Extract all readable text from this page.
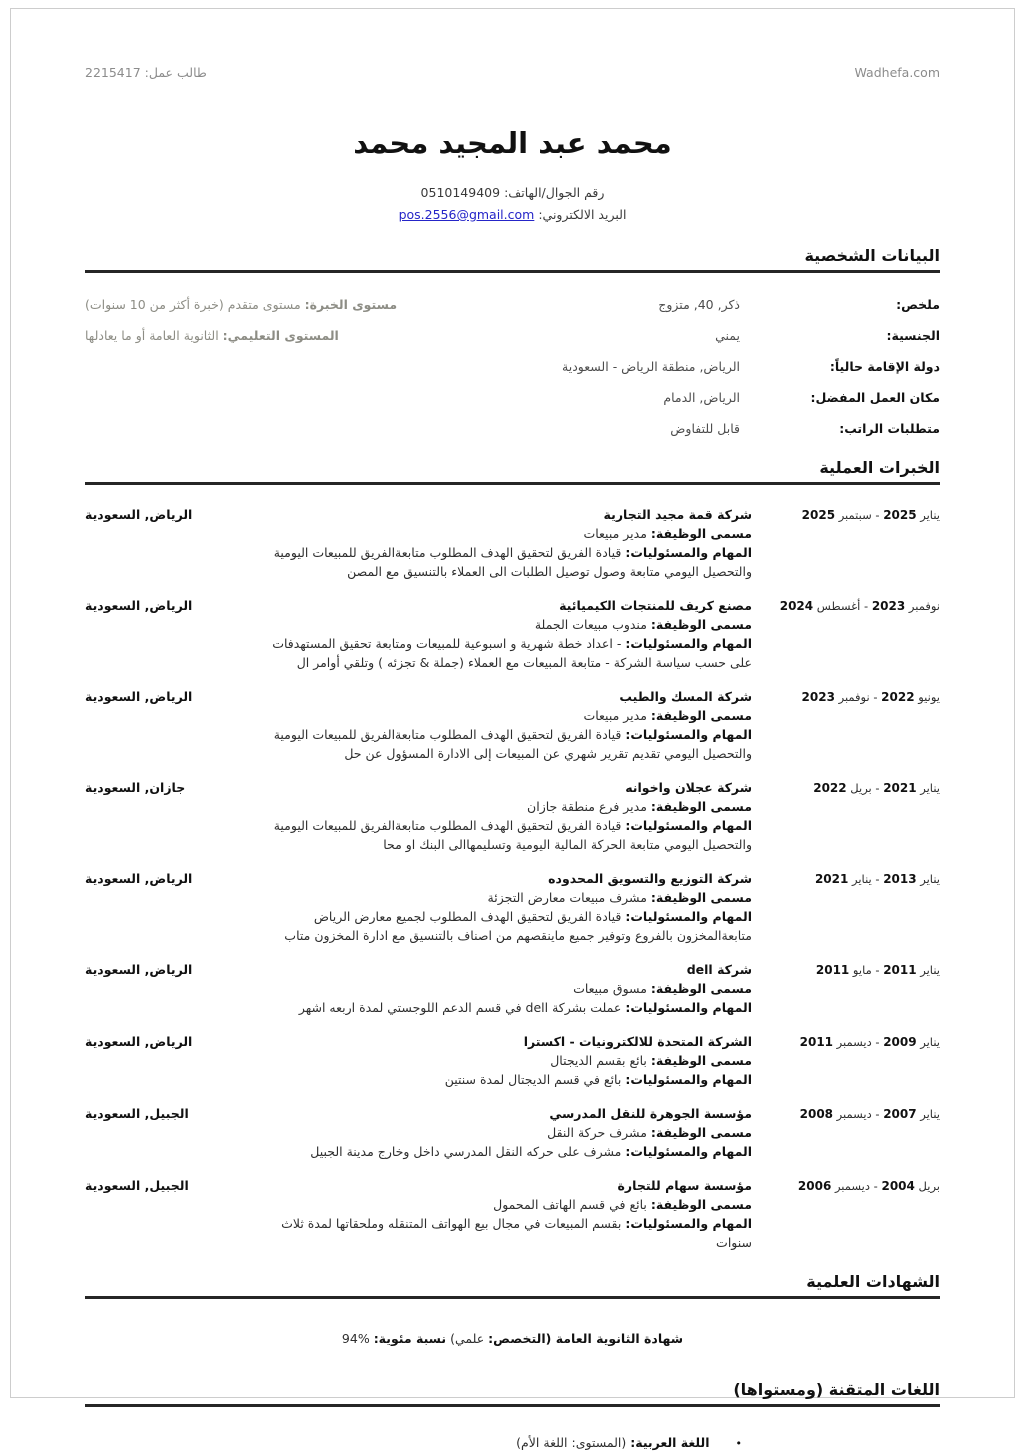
طالب عمل: 2215417	Wadhefa.com
محمد عبد المجيد محمد
رقم الجوال/الهاتف: 0510149409
البريد الالكتروني: pos.2556@gmail.com
البيانات الشخصية
ملخص:
ذكر, 40, متزوج
مستوى الخبرة: مستوى متقدم (خبرة أكثر من 10 سنوات)
الجنسية:
يمني
المستوى التعليمي: الثانوية العامة أو ما يعادلها
دولة الإقامة حالياً:
الرياض, منطقة الرياض - السعودية
مكان العمل المفضل:
الرياض, الدمام
متطلبات الراتب:
قابل للتفاوض
الخبرات العملية
يناير 2025 - سبتمبر 2025
شركة قمة مجيد التجارية
مسمى الوظيفة: مدير مبيعات
المهام والمسئوليات: قيادة الفريق لتحقيق الهدف المطلوب متابعةالفريق للمبيعات اليومية والتحصيل اليومي متابعة وصول توصيل الطلبات الى العملاء بالتنسيق مع المصن
الرياض, السعودية
نوفمبر 2023 - أغسطس 2024
مصنع كريف للمنتجات الكيميائية
مسمى الوظيفة: مندوب مبيعات الجملة
المهام والمسئوليات: - اعداد خطة شهرية و اسبوعية للمبيعات ومتابعة تحقيق المستهدفات على حسب سياسة الشركة - متابعة المبيعات مع العملاء (جملة & تجزئه ) وتلقي أوامر ال
الرياض, السعودية
يونيو 2022 - نوفمبر 2023
شركة المسك والطيب
مسمى الوظيفة: مدير مبيعات
المهام والمسئوليات: قيادة الفريق لتحقيق الهدف المطلوب متابعةالفريق للمبيعات اليومية والتحصيل اليومي تقديم تقرير شهري عن المبيعات إلى الادارة المسؤول عن حل
الرياض, السعودية
يناير 2021 - بريل 2022
شركة عجلان واخوانه
مسمى الوظيفة: مدير فرع منطقة جازان
المهام والمسئوليات: قيادة الفريق لتحقيق الهدف المطلوب متابعةالفريق للمبيعات اليومية والتحصيل اليومي متابعة الحركة المالية اليومية وتسليمهاالى البنك او محا
جازان, السعودية
يناير 2013 - يناير 2021
شركة التوزيع والتسويق المحدوده
مسمى الوظيفة: مشرف مبيعات معارض التجزئة
المهام والمسئوليات: قيادة الفريق لتحقيق الهدف المطلوب لجميع معارض الرياض متابعةالمخزون بالفروع وتوفير جميع ماينقصهم من اصناف بالتنسيق مع ادارة المخزون متاب
الرياض, السعودية
يناير 2011 - مايو 2011
شركة dell
مسمى الوظيفة: مسوق مبيعات
المهام والمسئوليات: عملت بشركة dell في قسم الدعم اللوجستي لمدة اربعه اشهر
الرياض, السعودية
يناير 2009 - ديسمبر 2011
الشركة المتحدة للالكترونيات - اكسترا
مسمى الوظيفة: بائع بقسم الديجتال
المهام والمسئوليات: بائع في قسم الديجتال لمدة سنتين
الرياض, السعودية
يناير 2007 - ديسمبر 2008
مؤسسة الجوهرة للنقل المدرسي
مسمى الوظيفة: مشرف حركة النقل
المهام والمسئوليات: مشرف على حركه النقل المدرسي داخل وخارج مدينة الجبيل
الجبيل, السعودية
بريل 2004 - ديسمبر 2006
مؤسسة سهام للتجارة
مسمى الوظيفة: بائع في قسم الهاتف المحمول
المهام والمسئوليات: بقسم المبيعات في مجال بيع الهواتف المتنقله وملحقاتها لمدة ثلاث سنوات
الجبيل, السعودية
الشهادات العلمية
شهادة الثانوية العامة (التخصص: علمي) نسبة مئوية: %94
اللغات المتقنة (ومستواها)
•اللغة العربية: (المستوى: اللغة الأم)
